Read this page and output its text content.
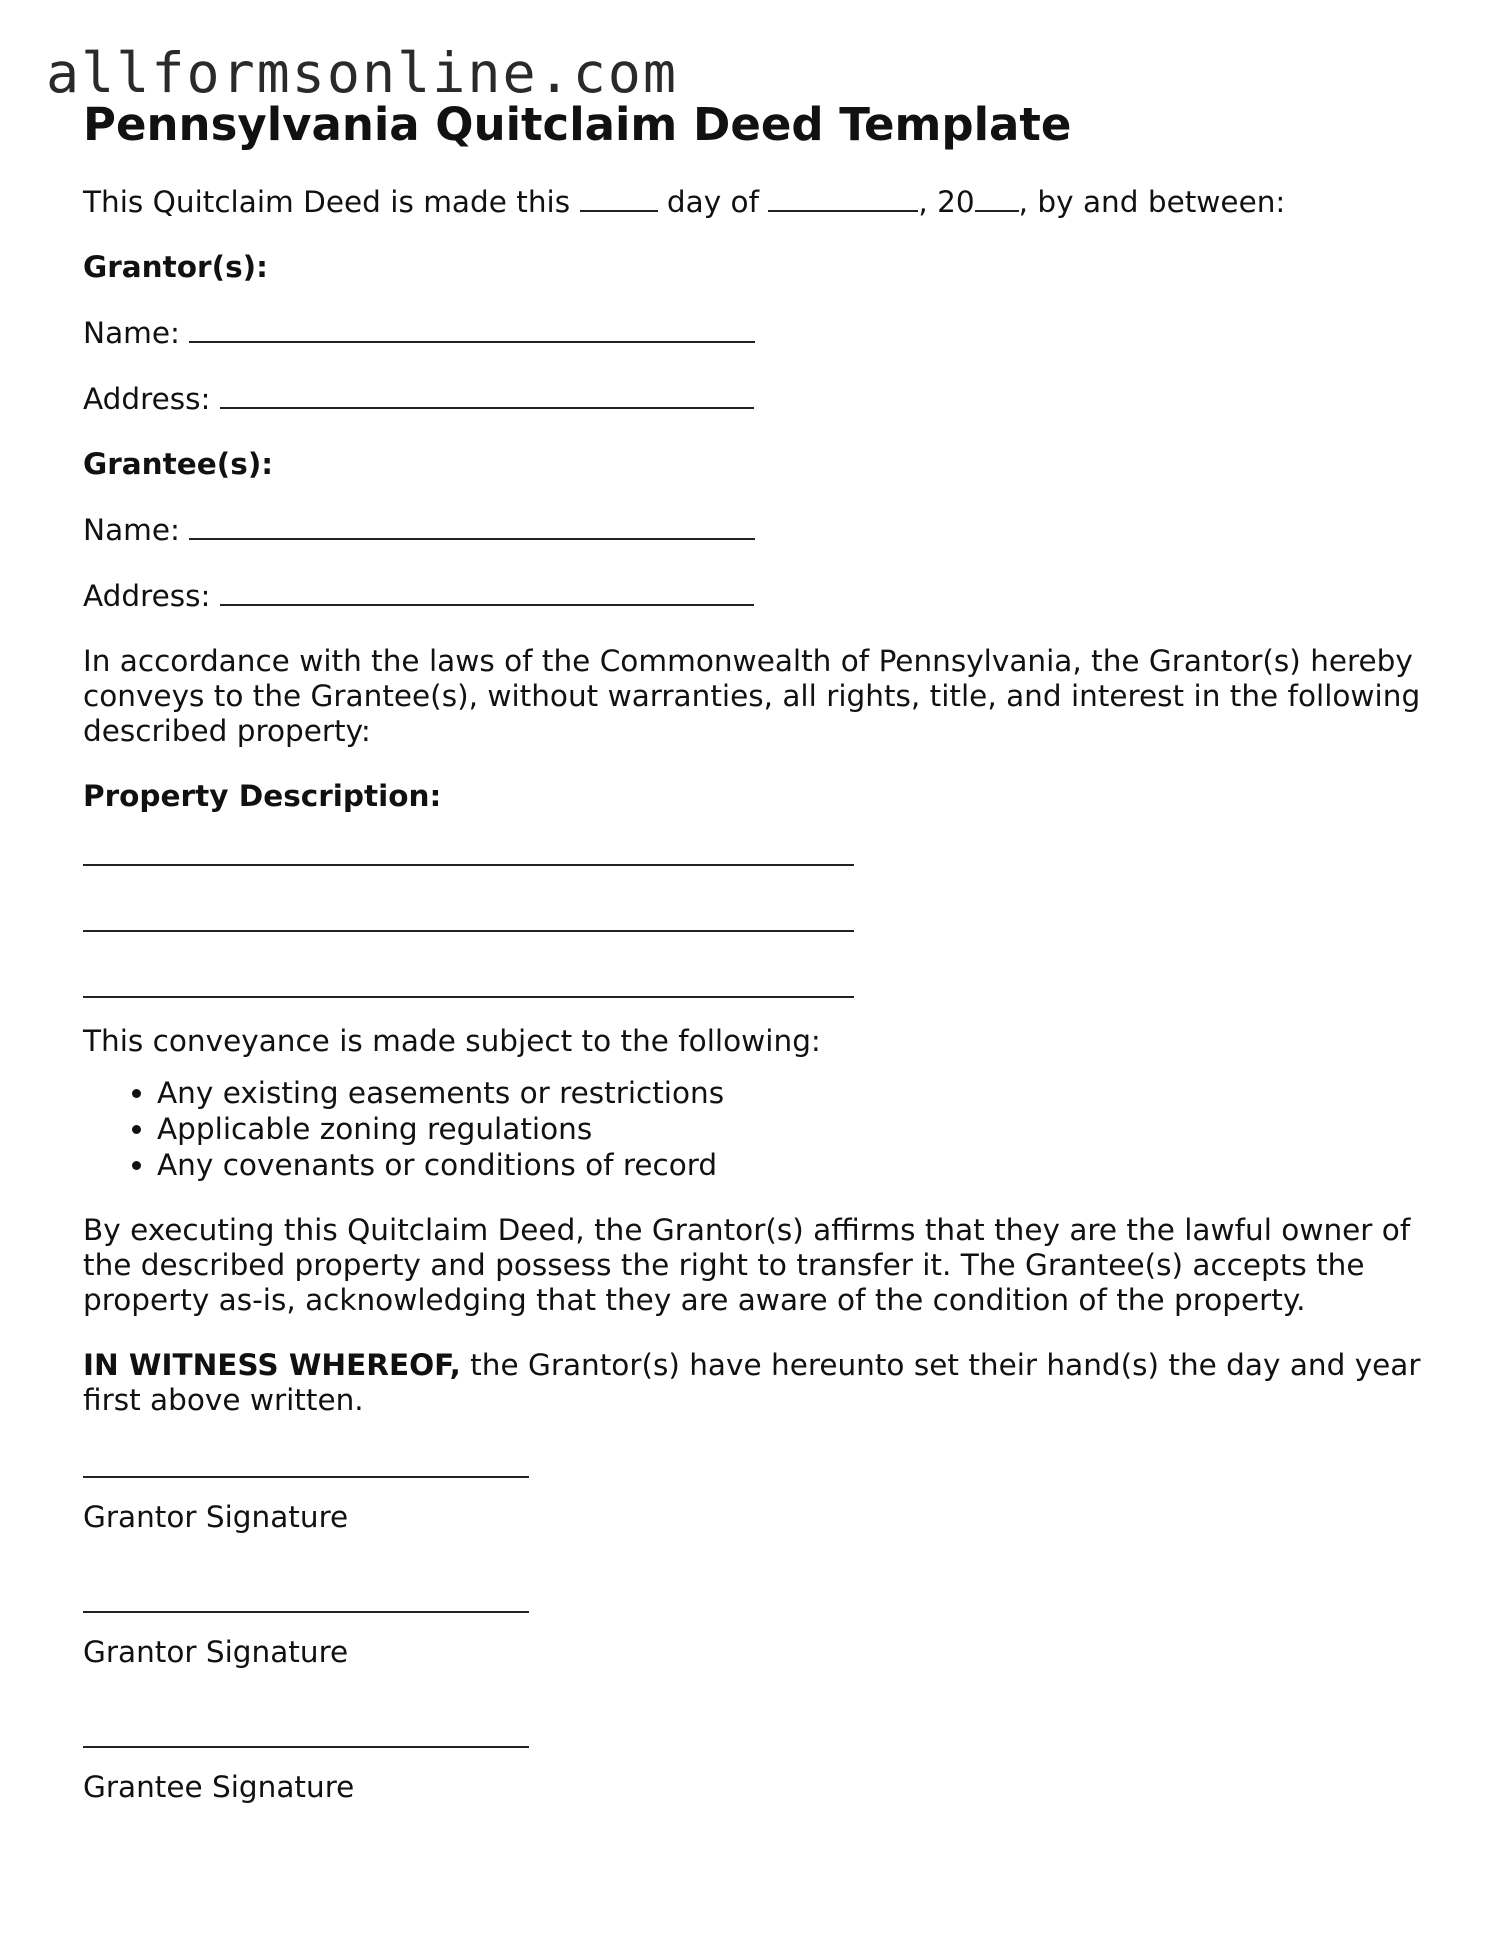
allformsonline.com
Pennsylvania Quitclaim Deed Template

This Quitclaim Deed is made this	day of	, 20 , by and between:

Grantor(s):

Name:

Address:

Grantee(s):

Name:

Address:

In accordance with the laws of the Commonwealth of Pennsylvania, the Grantor(s) hereby conveys to the Grantee(s), without warranties, all rights, title, and interest in the following described property:

Property Description:

This conveyance is made subject to the following:

• Any existing easements or restrictions
• Applicable zoning regulations
• Any covenants or conditions of record

By executing this Quitclaim Deed, the Grantor(s) affirms that they are the lawful owner of the described property and possess the right to transfer it. The Grantee(s) accepts the property as-is, acknowledging that they are aware of the condition of the property.

IN WITNESS WHEREOF, the Grantor(s) have hereunto set their hand(s) the day and year first above written.

Grantor Signature

Grantor Signature

Grantee Signature
